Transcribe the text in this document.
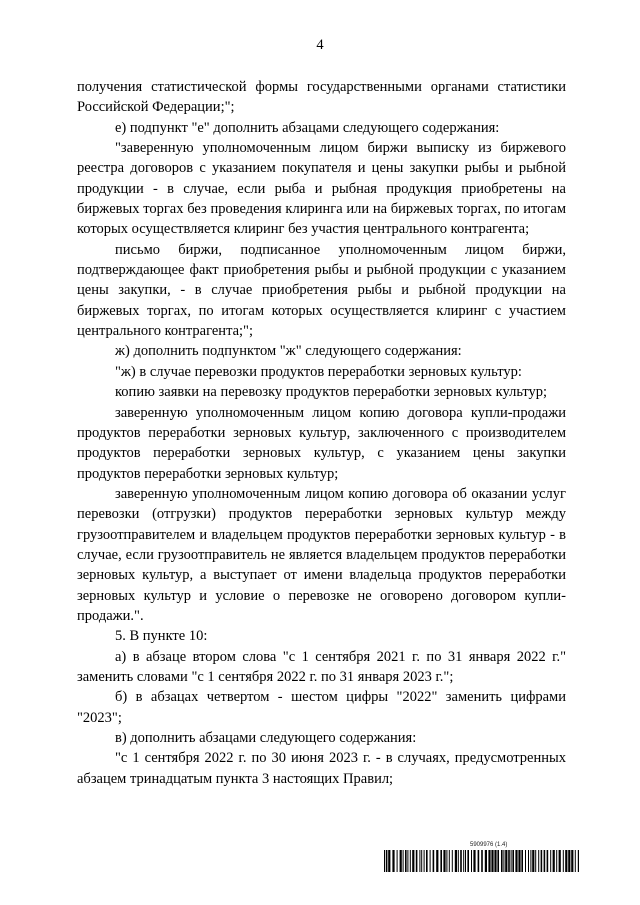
4

получения статистической формы государственными органами статистики Российской Федерации;";

е) подпункт "е" дополнить абзацами следующего содержания:

"заверенную уполномоченным лицом биржи выписку из биржевого реестра договоров с указанием покупателя и цены закупки рыбы и рыбной продукции - в случае, если рыба и рыбная продукция приобретены на биржевых торгах без проведения клиринга или на биржевых торгах, по итогам которых осуществляется клиринг без участия центрального контрагента;

письмо биржи, подписанное уполномоченным лицом биржи, подтверждающее факт приобретения рыбы и рыбной продукции с указанием цены закупки, - в случае приобретения рыбы и рыбной продукции на биржевых торгах, по итогам которых осуществляется клиринг с участием центрального контрагента;";

ж) дополнить подпунктом "ж" следующего содержания:

"ж) в случае перевозки продуктов переработки зерновых культур:

копию заявки на перевозку продуктов переработки зерновых культур;

заверенную уполномоченным лицом копию договора купли-продажи продуктов переработки зерновых культур, заключенного с производителем продуктов переработки зерновых культур, с указанием цены закупки продуктов переработки зерновых культур;

заверенную уполномоченным лицом копию договора об оказании услуг перевозки (отгрузки) продуктов переработки зерновых культур между грузоотправителем и владельцем продуктов переработки зерновых культур - в случае, если грузоотправитель не является владельцем продуктов переработки зерновых культур, а выступает от имени владельца продуктов переработки зерновых культур и условие о перевозке не оговорено договором купли-продажи.".

5. В пункте 10:

а) в абзаце втором слова "с 1 сентября 2021 г. по 31 января 2022 г." заменить словами "с 1 сентября 2022 г. по 31 января 2023 г.";

б) в абзацах четвертом - шестом цифры "2022" заменить цифрами "2023";

в) дополнить абзацами следующего содержания:

"с 1 сентября 2022 г. по 30 июня 2023 г. - в случаях, предусмотренных абзацем тринадцатым пункта 3 настоящих Правил;

5909976 (1.4)
